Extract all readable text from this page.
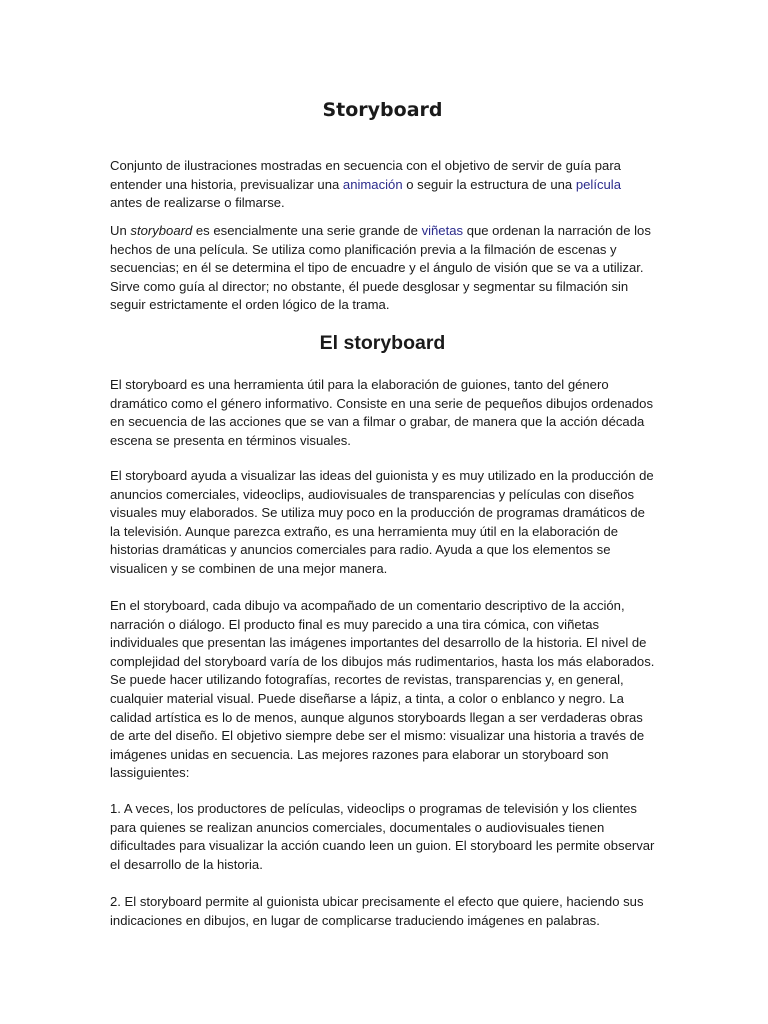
Storyboard

Conjunto de ilustraciones mostradas en secuencia con el objetivo de servir de guía para entender una historia, previsualizar una animación o seguir la estructura de una película antes de realizarse o filmarse.

Un storyboard es esencialmente una serie grande de viñetas que ordenan la narración de los hechos de una película. Se utiliza como planificación previa a la filmación de escenas y secuencias; en él se determina el tipo de encuadre y el ángulo de visión que se va a utilizar. Sirve como guía al director; no obstante, él puede desglosar y segmentar su filmación sin seguir estrictamente el orden lógico de la trama.

El storyboard

El storyboard es una herramienta útil para la elaboración de guiones, tanto del género dramático como el género informativo. Consiste en una serie de pequeños dibujos ordenados en secuencia de las acciones que se van a filmar o grabar, de manera que la acción década escena se presenta en términos visuales.

El storyboard ayuda a visualizar las ideas del guionista y es muy utilizado en la producción de anuncios comerciales, videoclips, audiovisuales de transparencias y películas con diseños visuales muy elaborados. Se utiliza muy poco en la producción de programas dramáticos de la televisión. Aunque parezca extraño, es una herramienta muy útil en la elaboración de historias dramáticas y anuncios comerciales para radio. Ayuda a que los elementos se visualicen y se combinen de una mejor manera.

En el storyboard, cada dibujo va acompañado de un comentario descriptivo de la acción, narración o diálogo. El producto final es muy parecido a una tira cómica, con viñetas individuales que presentan las imágenes importantes del desarrollo de la historia. El nivel de complejidad del storyboard varía de los dibujos más rudimentarios, hasta los más elaborados. Se puede hacer utilizando fotografías, recortes de revistas, transparencias y, en general, cualquier material visual. Puede diseñarse a lápiz, a tinta, a color o enblanco y negro. La calidad artística es lo de menos, aunque algunos storyboards llegan a ser verdaderas obras de arte del diseño. El objetivo siempre debe ser el mismo: visualizar una historia a través de imágenes unidas en secuencia. Las mejores razones para elaborar un storyboard son lassiguientes:

1. A veces, los productores de películas, videoclips o programas de televisión y los clientes para quienes se realizan anuncios comerciales, documentales o audiovisuales tienen dificultades para visualizar la acción cuando leen un guion. El storyboard les permite observar el desarrollo de la historia.

2. El storyboard permite al guionista ubicar precisamente el efecto que quiere, haciendo sus indicaciones en dibujos, en lugar de complicarse traduciendo imágenes en palabras.
